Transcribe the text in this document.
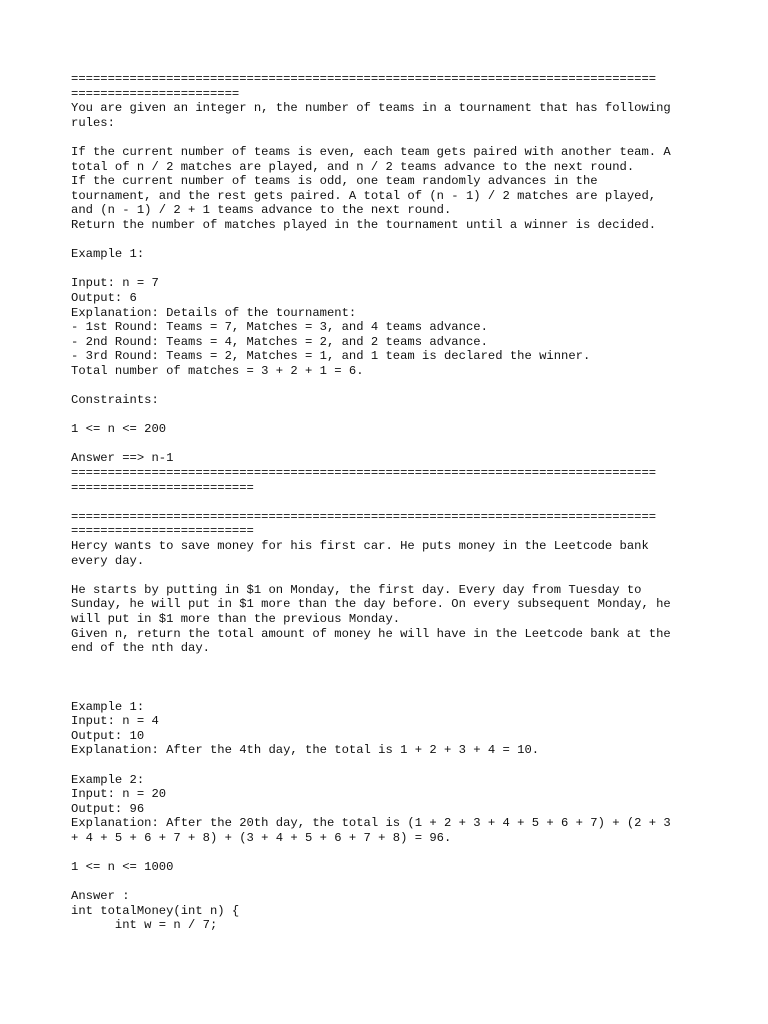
================================================================================
=======================
You are given an integer n, the number of teams in a tournament that has following
rules:
If the current number of teams is even, each team gets paired with another team. A
total of n / 2 matches are played, and n / 2 teams advance to the next round.
If the current number of teams is odd, one team randomly advances in the
tournament, and the rest gets paired. A total of (n - 1) / 2 matches are played,
and (n - 1) / 2 + 1 teams advance to the next round.
Return the number of matches played in the tournament until a winner is decided.
Example 1:
Input: n = 7
Output: 6
Explanation: Details of the tournament:
- 1st Round: Teams = 7, Matches = 3, and 4 teams advance.
- 2nd Round: Teams = 4, Matches = 2, and 2 teams advance.
- 3rd Round: Teams = 2, Matches = 1, and 1 team is declared the winner.
Total number of matches = 3 + 2 + 1 = 6.
Constraints:
1 <= n <= 200
Answer ==> n-1
================================================================================
=========================
================================================================================
=========================
Hercy wants to save money for his first car. He puts money in the Leetcode bank
every day.
He starts by putting in $1 on Monday, the first day. Every day from Tuesday to
Sunday, he will put in $1 more than the day before. On every subsequent Monday, he
will put in $1 more than the previous Monday.
Given n, return the total amount of money he will have in the Leetcode bank at the
end of the nth day.
Example 1:
Input: n = 4
Output: 10
Explanation: After the 4th day, the total is 1 + 2 + 3 + 4 = 10.
Example 2:
Input: n = 20
Output: 96
Explanation: After the 20th day, the total is (1 + 2 + 3 + 4 + 5 + 6 + 7) + (2 + 3
+ 4 + 5 + 6 + 7 + 8) + (3 + 4 + 5 + 6 + 7 + 8) = 96.
1 <= n <= 1000
Answer :
int totalMoney(int n) {
int w = n / 7;
